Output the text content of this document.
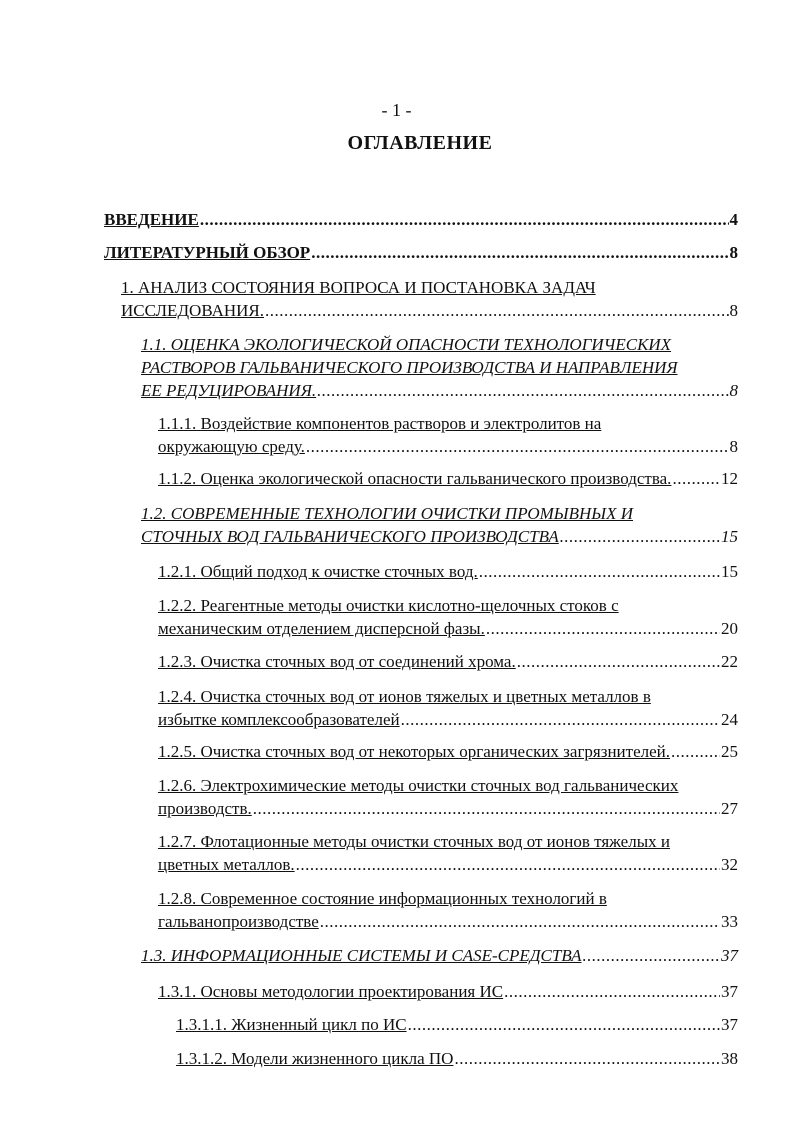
- 1 -
ОГЛАВЛЕНИЕ
ВВЕДЕНИЕ .....	4
ЛИТЕРАТУРНЫЙ ОБЗОР .....	8
1. АНАЛИЗ СОСТОЯНИЯ ВОПРОСА И ПОСТАНОВКА ЗАДАЧ
ИССЛЕДОВАНИЯ. .....	8
1.1. ОЦЕНКА ЭКОЛОГИЧЕСКОЙ ОПАСНОСТИ ТЕХНОЛОГИЧЕСКИХ
РАСТВОРОВ ГАЛЬВАНИЧЕСКОГО ПРОИЗВОДСТВА И НАПРАВЛЕНИЯ
ЕЕ РЕДУЦИРОВАНИЯ. .....	8
1.1.1. Воздействие компонентов растворов и электролитов на
окружающую среду. .....	8
1.1.2. Оценка экологической опасности гальванического производства. .....	12
1.2. СОВРЕМЕННЫЕ ТЕХНОЛОГИИ ОЧИСТКИ ПРОМЫВНЫХ И
СТОЧНЫХ ВОД ГАЛЬВАНИЧЕСКОГО ПРОИЗВОДСТВА .....	15
1.2.1. Общий подход к очистке сточных вод. .....	15
1.2.2. Реагентные методы очистки кислотно-щелочных стоков с
механическим отделением дисперсной фазы. .....	20
1.2.3. Очистка сточных вод от соединений хрома. .....	22
1.2.4. Очистка сточных вод от ионов тяжелых и цветных металлов в
избытке комплексообразователей .....	24
1.2.5. Очистка сточных вод от некоторых органических загрязнителей. .....	25
1.2.6. Электрохимические методы очистки сточных вод гальванических
производств. .....	27
1.2.7. Флотационные методы очистки сточных вод от ионов тяжелых и
цветных металлов. .....	32
1.2.8. Современное состояние информационных технологий в
гальванопроизводстве .....	33
1.3. ИНФОРМАЦИОННЫЕ СИСТЕМЫ И CASE-СРЕДСТВА .....	37
1.3.1. Основы методологии проектирования ИС .....	37
1.3.1.1. Жизненный цикл по ИС .....	37
1.3.1.2. Модели жизненного цикла ПО .....	38
